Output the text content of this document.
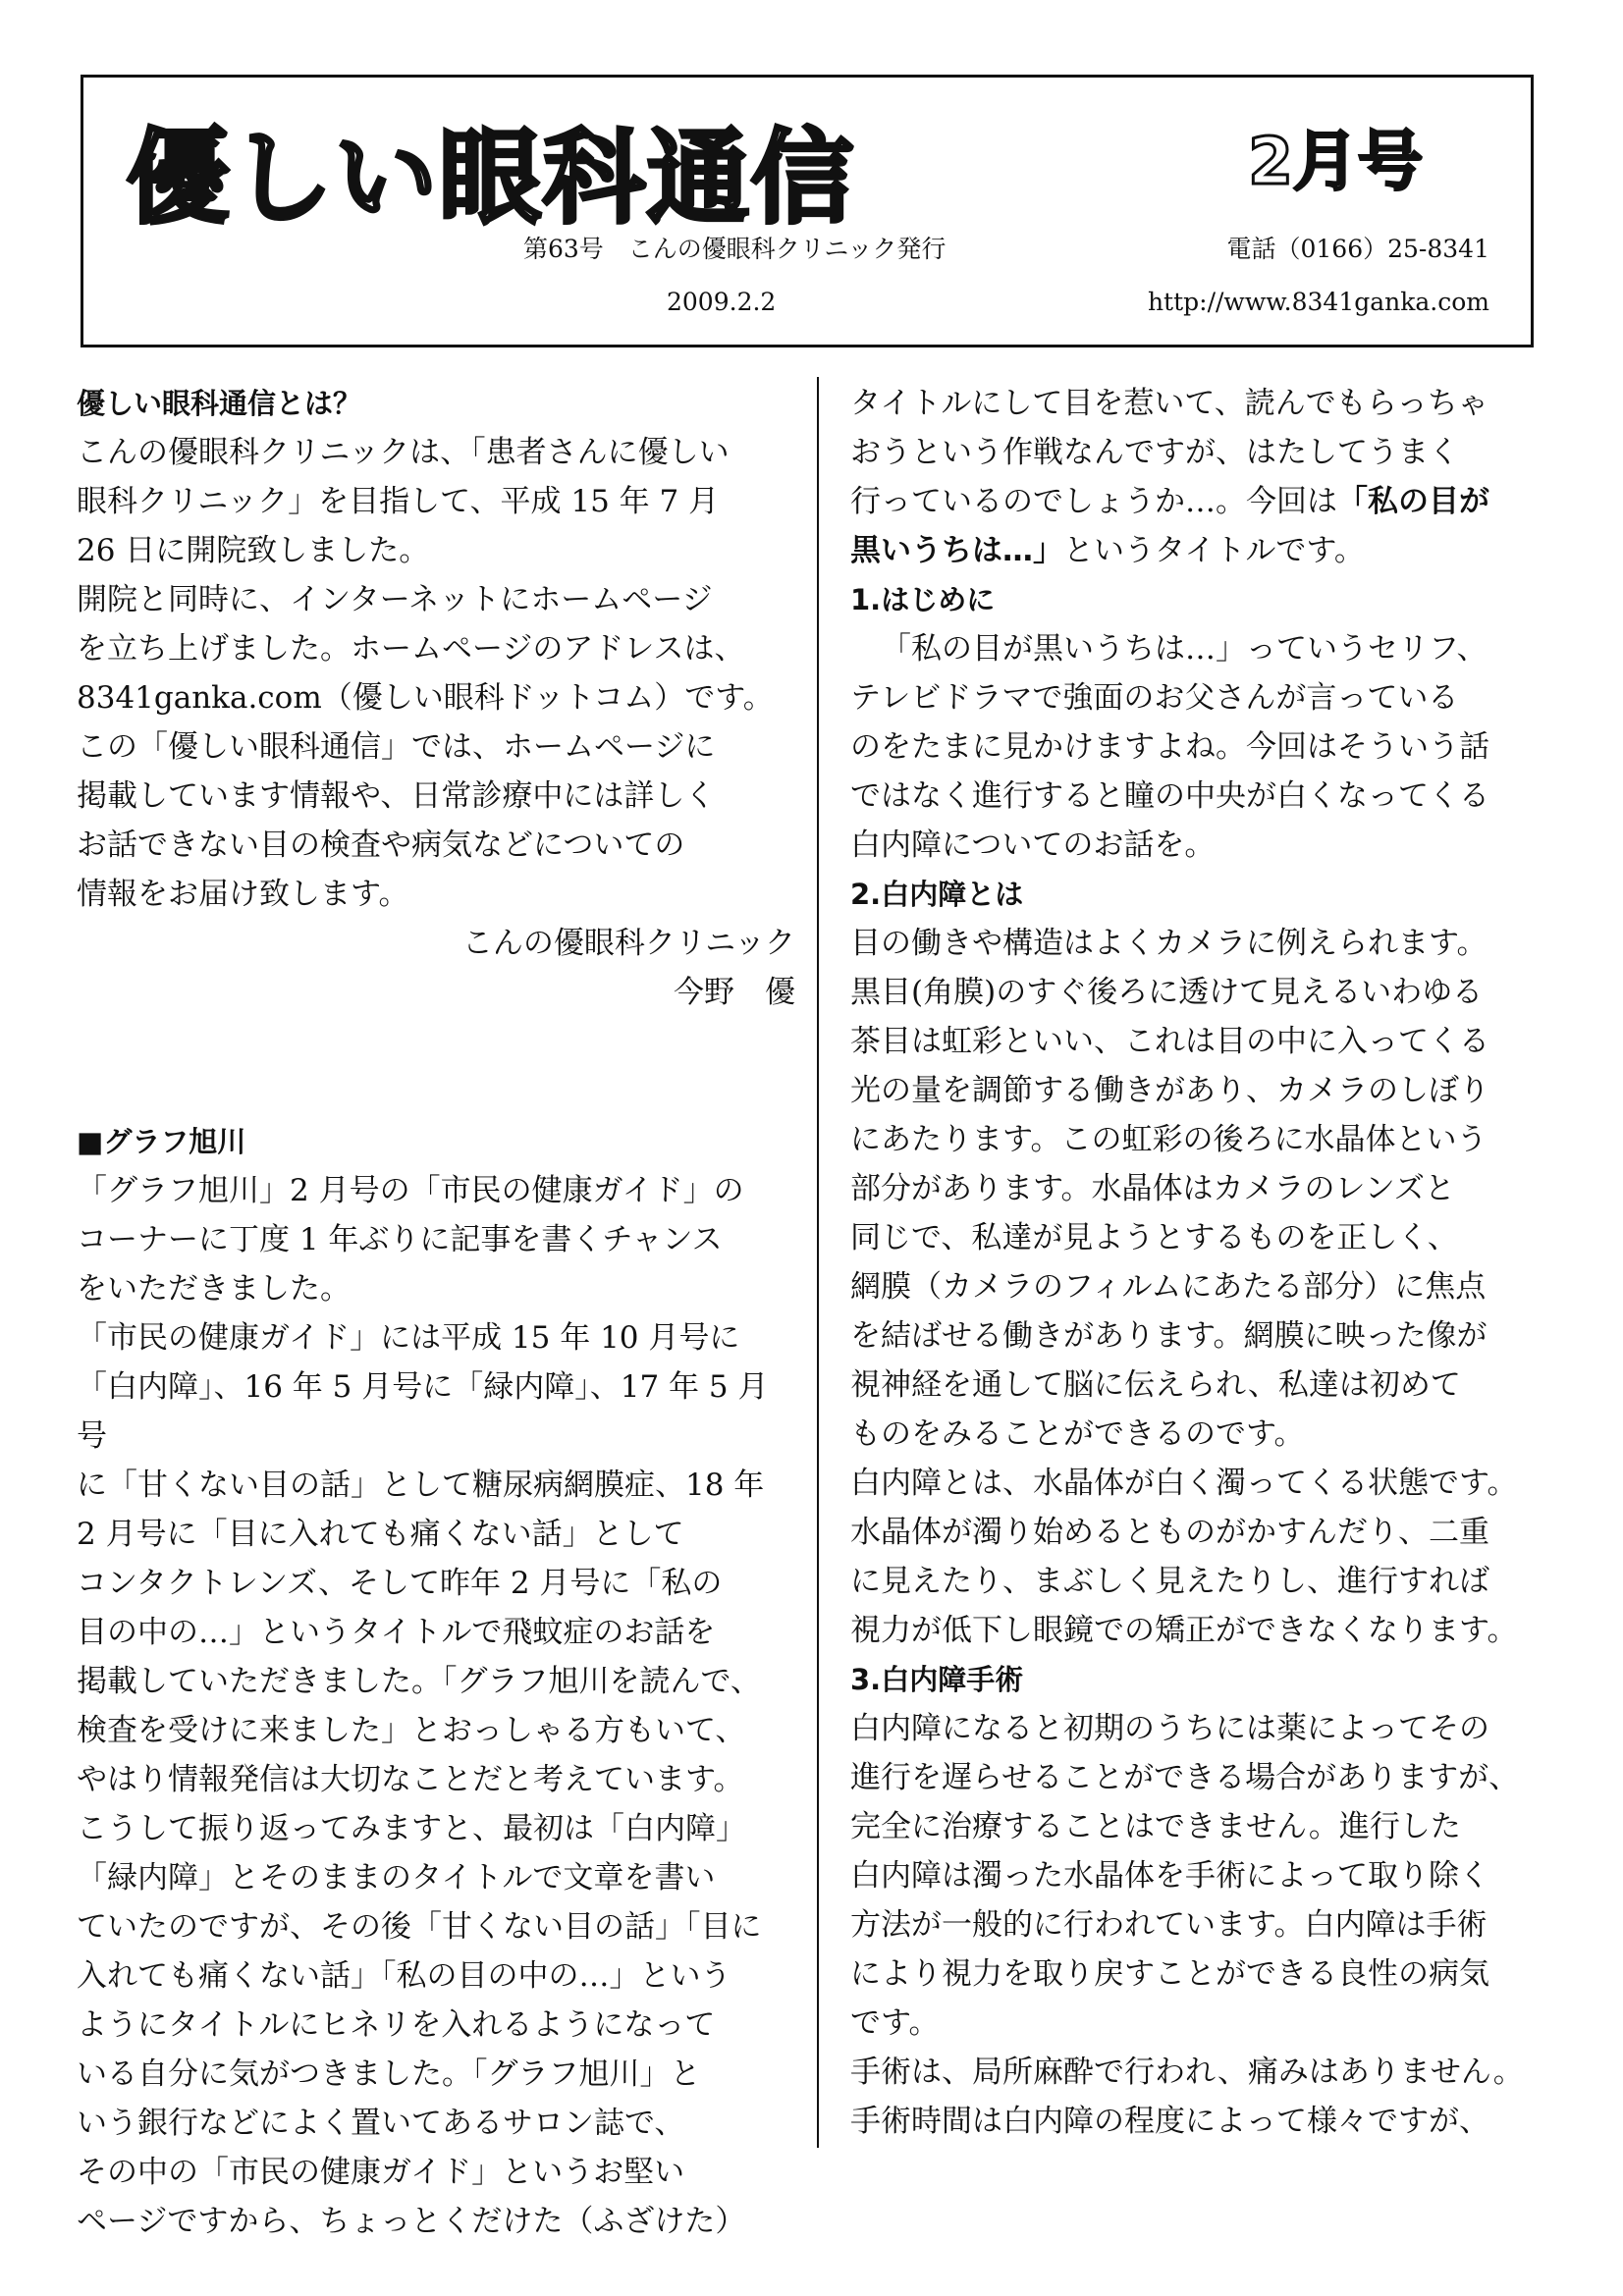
優しい眼科通信	2月号
第63号　こんの優眼科クリニック発行	電話（0166）25-8341
2009.2.2	http://www.8341ganka.com

優しい眼科通信とは？

こんの優眼科クリニックは、「患者さんに優しい

眼科クリニック」を目指して、平成 15 年 7 月

26 日に開院致しました。

開院と同時に、インターネットにホームページ

を立ち上げました。ホームページのアドレスは、

8341ganka.com（優しい眼科ドットコム）です。

この「優しい眼科通信」では、ホームページに

掲載しています情報や、日常診療中には詳しく

お話できない目の検査や病気などについての

情報をお届け致します。

こんの優眼科クリニック

今野　優

■グラフ旭川

「グラフ旭川」2 月号の「市民の健康ガイド」の

コーナーに丁度 1 年ぶりに記事を書くチャンス

をいただきました。

「市民の健康ガイド」には平成 15 年 10 月号に

「白内障」、16 年 5 月号に「緑内障」、17 年 5 月号

に「甘くない目の話」として糖尿病網膜症、18 年

2 月号に「目に入れても痛くない話」として

コンタクトレンズ、そして昨年 2 月号に「私の

目の中の…」というタイトルで飛蚊症のお話を

掲載していただきました。「グラフ旭川を読んで、

検査を受けに来ました」とおっしゃる方もいて、

やはり情報発信は大切なことだと考えています。

こうして振り返ってみますと、最初は「白内障」

「緑内障」とそのままのタイトルで文章を書い

ていたのですが、その後「甘くない目の話」「目に

入れても痛くない話」「私の目の中の…」という

ようにタイトルにヒネリを入れるようになって

いる自分に気がつきました。「グラフ旭川」と

いう銀行などによく置いてあるサロン誌で、

その中の「市民の健康ガイド」というお堅い

ページですから、ちょっとくだけた（ふざけた）

タイトルにして目を惹いて、読んでもらっちゃ

おうという作戦なんですが、はたしてうまく

行っているのでしょうか…。今回は「私の目が

黒いうちは…」というタイトルです。

1.はじめに

「私の目が黒いうちは…」っていうセリフ、

テレビドラマで強面のお父さんが言っている

のをたまに見かけますよね。今回はそういう話

ではなく進行すると瞳の中央が白くなってくる

白内障についてのお話を。

2.白内障とは

目の働きや構造はよくカメラに例えられます。

黒目(角膜)のすぐ後ろに透けて見えるいわゆる

茶目は虹彩といい、これは目の中に入ってくる

光の量を調節する働きがあり、カメラのしぼり

にあたります。この虹彩の後ろに水晶体という

部分があります。水晶体はカメラのレンズと

同じで、私達が見ようとするものを正しく、

網膜（カメラのフィルムにあたる部分）に焦点

を結ばせる働きがあります。網膜に映った像が

視神経を通して脳に伝えられ、私達は初めて

ものをみることができるのです。

白内障とは、水晶体が白く濁ってくる状態です。

水晶体が濁り始めるとものがかすんだり、二重

に見えたり、まぶしく見えたりし、進行すれば

視力が低下し眼鏡での矯正ができなくなります。

3.白内障手術

白内障になると初期のうちには薬によってその

進行を遅らせることができる場合がありますが、

完全に治療することはできません。進行した

白内障は濁った水晶体を手術によって取り除く

方法が一般的に行われています。白内障は手術

により視力を取り戻すことができる良性の病気

です。

手術は、局所麻酔で行われ、痛みはありません。

手術時間は白内障の程度によって様々ですが、
